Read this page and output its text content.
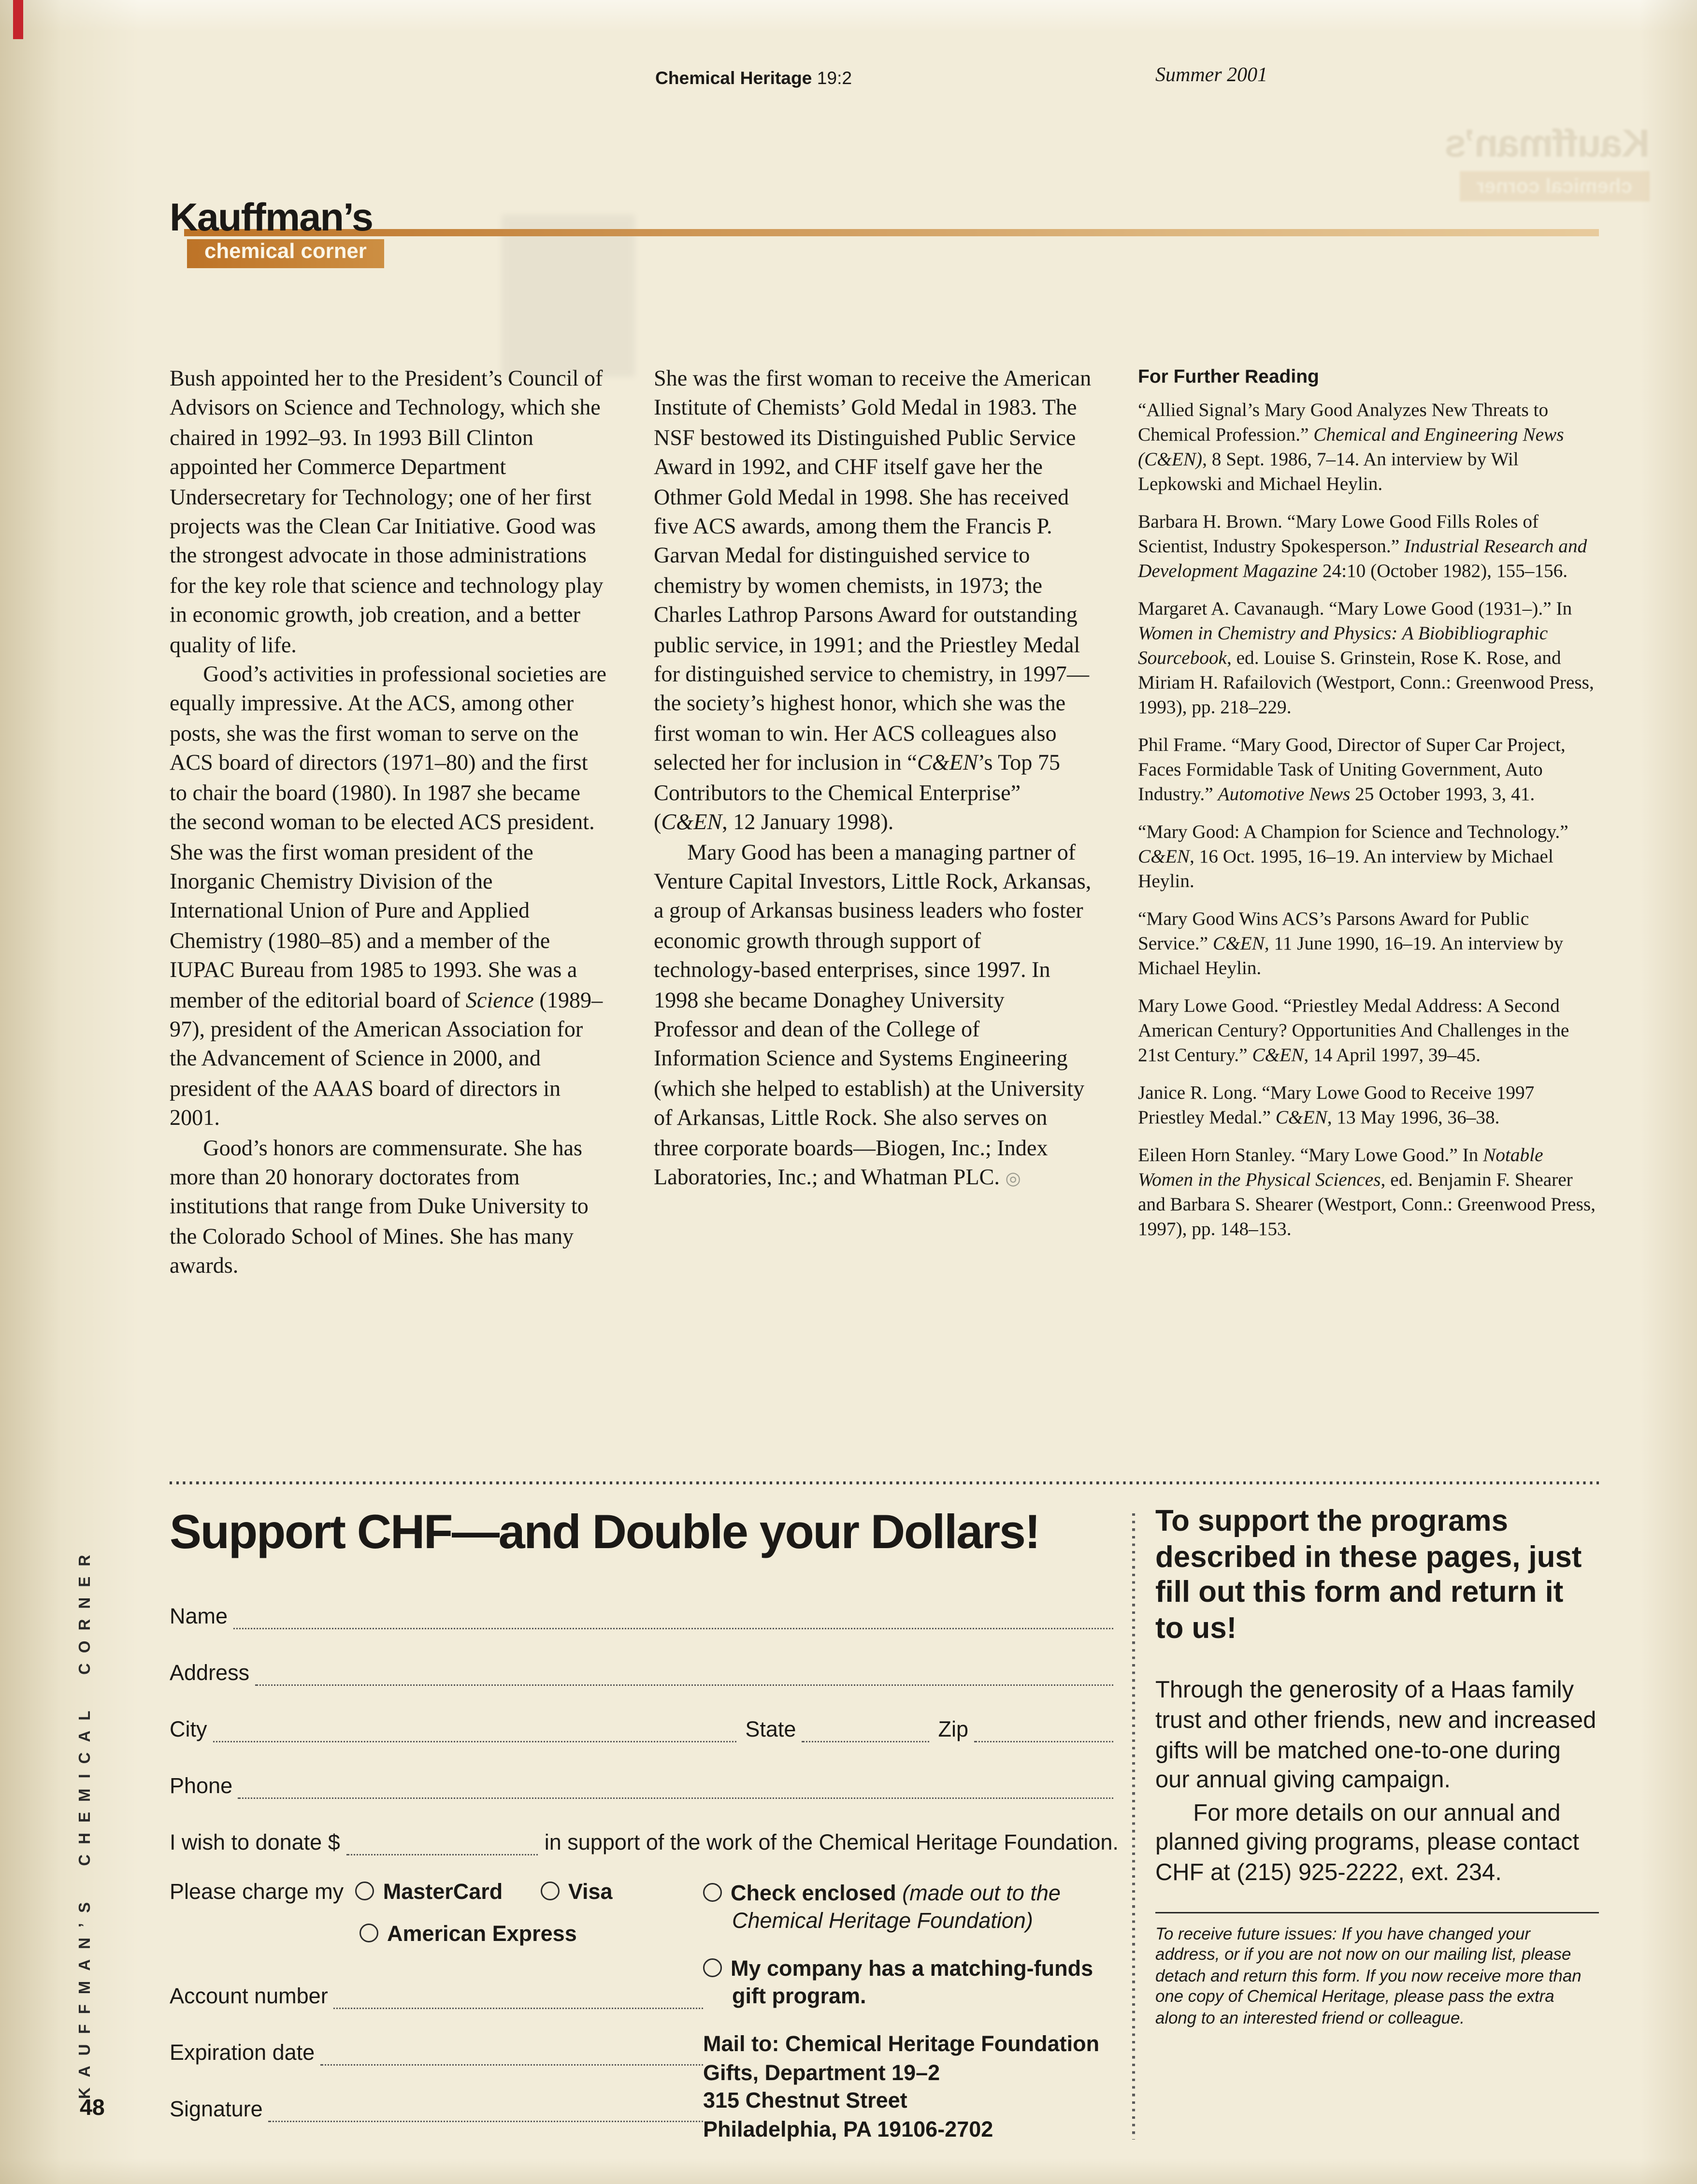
Kauffman’s
chemical corner
Chemical Heritage 19:2	Summer 2001
Kauffman’s
chemical corner

Bush appointed her to the President’s Council of Advisors on Science and Technology, which she chaired in 1992–93. In 1993 Bill Clinton appointed her Commerce Department Undersecretary for Technology; one of her first projects was the Clean Car Initiative. Good was the strongest advocate in those administrations for the key role that science and technology play in economic growth, job creation, and a better quality of life.

Good’s activities in professional societies are equally impressive. At the ACS, among other posts, she was the first woman to serve on the ACS board of directors (1971–80) and the first to chair the board (1980). In 1987 she became the second woman to be elected ACS president. She was the first woman president of the Inorganic Chemistry Division of the International Union of Pure and Applied Chemistry (1980–85) and a member of the IUPAC Bureau from 1985 to 1993. She was a member of the editorial board of Science (1989–97), president of the American Association for the Advancement of Science in 2000, and president of the AAAS board of directors in 2001.

Good’s honors are commensurate. She has more than 20 honorary doctorates from institutions that range from Duke University to the Colorado School of Mines. She has many awards.

She was the first woman to receive the American Institute of Chemists’ Gold Medal in 1983. The NSF bestowed its Distinguished Public Service Award in 1992, and CHF itself gave her the Othmer Gold Medal in 1998. She has received five ACS awards, among them the Francis P. Garvan Medal for distinguished service to chemistry by women chemists, in 1973; the Charles Lathrop Parsons Award for outstanding public service, in 1991; and the Priestley Medal for distinguished service to chemistry, in 1997—the society’s highest honor, which she was the first woman to win. Her ACS colleagues also selected her for inclusion in “C&EN’s Top 75 Contributors to the Chemical Enterprise” (C&EN, 12 January 1998).

Mary Good has been a managing partner of Venture Capital Investors, Little Rock, Arkansas, a group of Arkansas business leaders who foster economic growth through support of technology-based enterprises, since 1997. In 1998 she became Donaghey University Professor and dean of the College of Information Science and Systems Engineering (which she helped to establish) at the University of Arkansas, Little Rock. She also serves on three corporate boards—Biogen, Inc.; Index Laboratories, Inc.; and Whatman PLC. ◎

For Further Reading

“Allied Signal’s Mary Good Analyzes New Threats to Chemical Profession.” Chemical and Engineering News (C&EN), 8 Sept. 1986, 7–14. An interview by Wil Lepkowski and Michael Heylin.

Barbara H. Brown. “Mary Lowe Good Fills Roles of Scientist, Industry Spokesperson.” Industrial Research and Development Magazine 24:10 (October 1982), 155–156.

Margaret A. Cavanaugh. “Mary Lowe Good (1931–).” In Women in Chemistry and Physics: A Biobibliographic Sourcebook, ed. Louise S. Grinstein, Rose K. Rose, and Miriam H. Rafailovich (Westport, Conn.: Greenwood Press, 1993), pp. 218–229.

Phil Frame. “Mary Good, Director of Super Car Project, Faces Formidable Task of Uniting Government, Auto Industry.” Automotive News 25 October 1993, 3, 41.

“Mary Good: A Champion for Science and Technology.” C&EN, 16 Oct. 1995, 16–19. An interview by Michael Heylin.

“Mary Good Wins ACS’s Parsons Award for Public Service.” C&EN, 11 June 1990, 16–19. An interview by Michael Heylin.

Mary Lowe Good. “Priestley Medal Address: A Second American Century? Opportunities And Challenges in the 21st Century.” C&EN, 14 April 1997, 39–45.

Janice R. Long. “Mary Lowe Good to Receive 1997 Priestley Medal.” C&EN, 13 May 1996, 36–38.

Eileen Horn Stanley. “Mary Lowe Good.” In Notable Women in the Physical Sciences, ed. Benjamin F. Shearer and Barbara S. Shearer (Westport, Conn.: Greenwood Press, 1997), pp. 148–153.

Support CHF—and Double your Dollars!
Name
Address
City	State	Zip
Phone
I wish to donate $	in support of the work of the Chemical Heritage Foundation.
Please charge my	MasterCard	Visa
American Express
Account number
Expiration date
Signature
Check enclosed (made out to the Chemical Heritage Foundation)
My company has a matching-funds gift program.
Mail to: Chemical Heritage Foundation
Gifts, Department 19–2
315 Chestnut Street
Philadelphia, PA 19106-2702
To support the programs described in these pages, just fill out this form and return it to us!

Through the generosity of a Haas family trust and other friends, new and increased gifts will be matched one-to-one during our annual giving campaign.

For more details on our annual and planned giving programs, please contact CHF at (215) 925-2222, ext. 234.

To receive future issues: If you have changed your address, or if you are not now on our mailing list, please detach and return this form. If you now receive more than one copy of Chemical Heritage, please pass the extra along to an interested friend or colleague.

KAUFFMAN’S CHEMICAL CORNER
48
